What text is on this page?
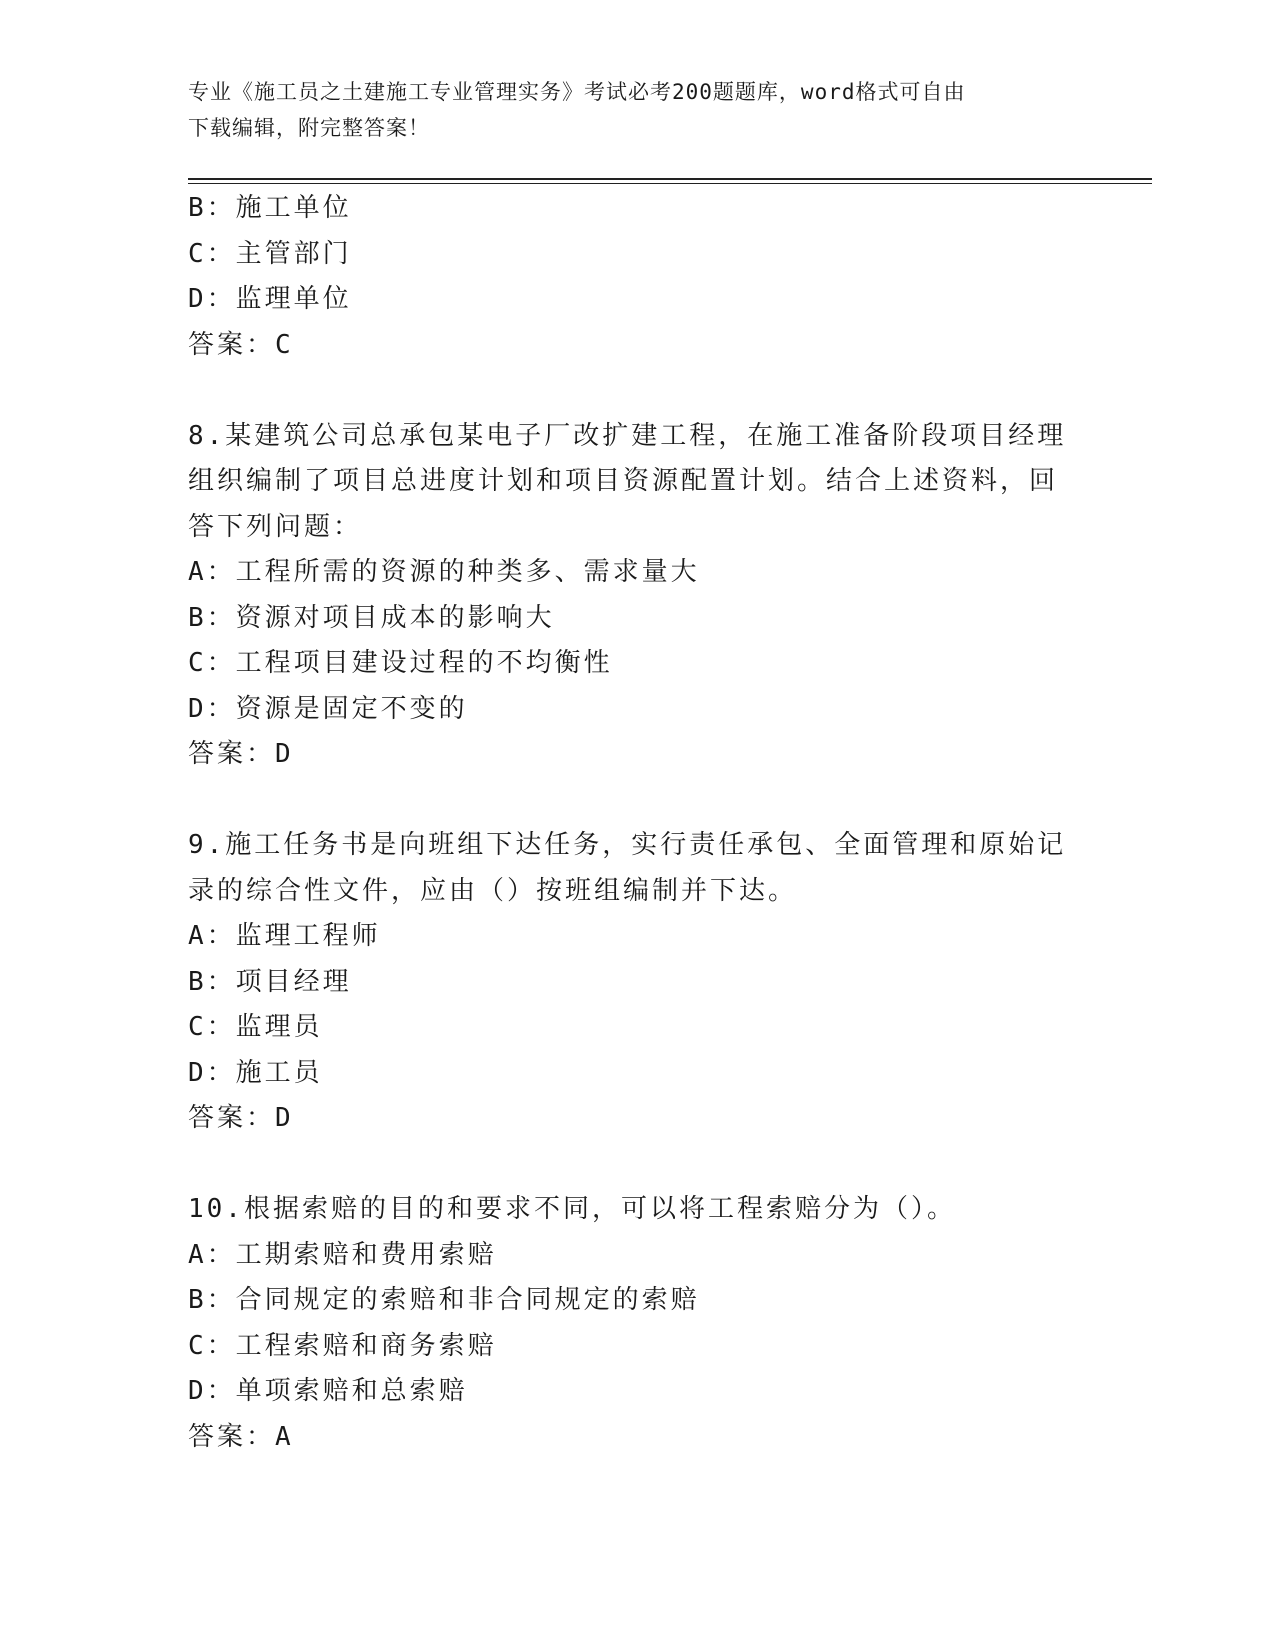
专业《施工员之土建施工专业管理实务》考试必考200题题库，word格式可自由
下载编辑，附完整答案！
B：施工单位
C：主管部门
D：监理单位
答案：C
8.某建筑公司总承包某电子厂改扩建工程，在施工准备阶段项目经理
组织编制了项目总进度计划和项目资源配置计划。结合上述资料，回
答下列问题：
A：工程所需的资源的种类多、需求量大
B：资源对项目成本的影响大
C：工程项目建设过程的不均衡性
D：资源是固定不变的
答案：D
9.施工任务书是向班组下达任务，实行责任承包、全面管理和原始记
录的综合性文件，应由（）按班组编制并下达。
A：监理工程师
B：项目经理
C：监理员
D：施工员
答案：D
10.根据索赔的目的和要求不同，可以将工程索赔分为（）。
A：工期索赔和费用索赔
B：合同规定的索赔和非合同规定的索赔
C：工程索赔和商务索赔
D：单项索赔和总索赔
答案：A
